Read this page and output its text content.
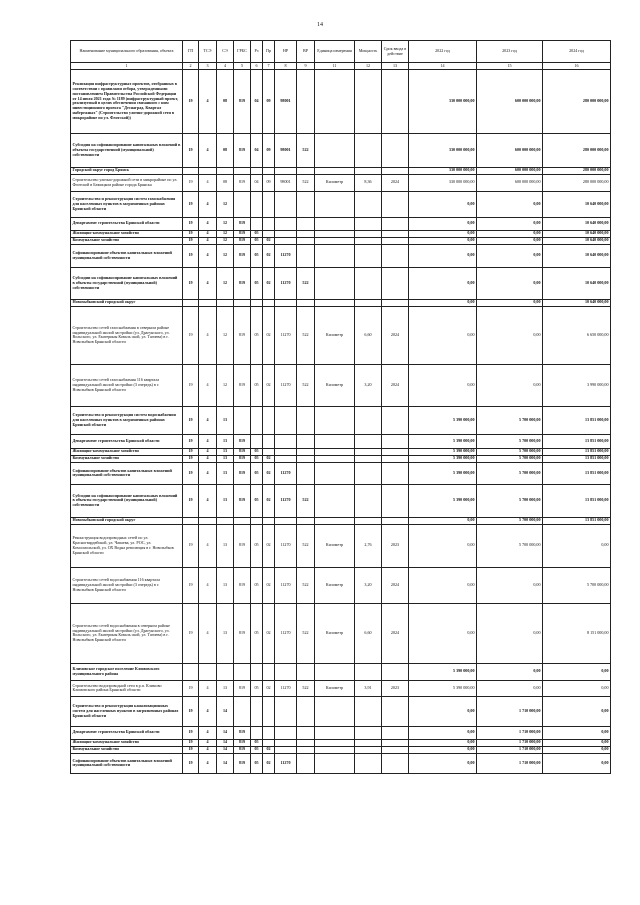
14
Наименование муниципального образования, объекта	ГП	ТСЭ	СЭ	ГРБС	Рз	Пр	НР	ВР	Единица измерения	Мощность	Срок ввода в действие	2022 год	2023 год	2024 год
1	2	3	4	5	6	7	8	9	11	12	13	14	15	16
Реализация инфраструктурных проектов, отобранных в соответствии с правилами отбора, утвержденными постановлением Правительства Российской Федерации от 14 июля 2021 года № 1189 (инфраструктурный проект, реализуемый в целях обеспечения связанного с ним инвестиционного проекта "Деснаград. Квартал набережных" (Строительство улично-дорожной сети в микрорайоне по ул. Флотской))	19	4	08	819	04	09	98001					330 000 000,00	600 000 000,00	280 000 000,00
Субсидия на софинансирование капитальных вложений в объекты государственной (муниципальной) собственности	19	4	08	819	04	09	98001	522				330 000 000,00	600 000 000,00	280 000 000,00
Городской округ город Брянск												330 000 000,00	600 000 000,00	280 000 000,00
Строительство улично-дорожной сети в микрорайоне по ул. Флотской в Бежицком районе города Брянска	19	4	08	819	04	09	98001	522	Километр	8,36	2024	330 000 000,00	600 000 000,00	280 000 000,00
Строительство и реконструкция систем газоснабжения для населенных пунктов в загрязненных районах Брянской области	19	4	12									0,00	0,00	10 640 000,00
Департамент строительства Брянской области	19	4	12	819								0,00	0,00	10 640 000,00
Жилищно-коммунальное хозяйство	19	4	12	819	05							0,00	0,00	10 640 000,00
Коммунальное хозяйство	19	4	12	819	05	02						0,00	0,00	10 640 000,00
Софинансирование объектов капитальных вложений муниципальной собственности	19	4	12	819	05	02	11270					0,00	0,00	10 640 000,00
Субсидии на софинансирование капитальных вложений в объекты государственной (муниципальной) собственности	19	4	12	819	05	02	11270	522				0,00	0,00	10 640 000,00
Новозыбковский городской округ												0,00	0,00	10 640 000,00
Строительство сетей газоснабжения в северном районе индивидуальной жилой застройки (ул. Драгунского, ул. Вольского, ул. Екатерины Коваль ской, ул. Тагиева) в г. Новозыбков Брянской области	19	4	12	819	05	02	11270	522	Километр	6,60	2024	0,00	0,00	6 650 000,00
Строительство сетей газоснабжения 116 квартала индивидуальной жилой застройки (3 очередь) в г. Новозыбков Брянской области	19	4	12	819	05	02	11270	522	Километр	3,20	2024	0,00	0,00	3 990 000,00
Строительство и реконструкция систем водоснабжения для населенных пунктов в загрязненных районах Брянской области	19	4	13									5 390 000,00	5 700 000,00	13 851 000,00
Департамент строительства Брянской области	19	4	13	819								5 390 000,00	5 700 000,00	13 851 000,00
Жилищно-коммунальное хозяйство	19	4	13	819	05							5 390 000,00	5 700 000,00	13 851 000,00
Коммунальное хозяйство	19	4	13	819	05	02						5 390 000,00	5 700 000,00	13 851 000,00
Софинансирование объектов капитальных вложений муниципальной собственности	19	4	13	819	05	02	11270					5 390 000,00	5 700 000,00	13 851 000,00
Субсидии на софинансирование капитальных вложений в объекты государственной (муниципальной) собственности	19	4	13	819	05	02	11270	522				5 390 000,00	5 700 000,00	13 851 000,00
Новозыбковский городской округ												0,00	5 700 000,00	13 851 000,00
Реконструкция водопроводных сетей по ул. Красногвардейской, ул. Чапаева, ул. РОС, ул. Комсомольской, ул. ОХ Водна революция в г. Новозыбков Брянской области	19	4	13	819	05	02	11270	522	Километр	2,76	2023	0,00	5 700 000,00	0,00
Строительство сетей водоснабжения 116 квартала индивидуальной жилой застройки (3 очередь) в г. Новозыбков Брянской области	19	4	13	819	05	02	11270	522	Километр	3,20	2024	0,00	0,00	5 700 000,00
Строительство сетей водоснабжения в северном районе индивидуальной жилой застройки (ул. Драгунского, ул. Вольского, ул. Екатерины Коваль ской, ул. Тагиева) в г. Новозыбков Брянской области	19	4	13	819	05	02	11270	522	Километр	6,60	2024	0,00	0,00	8 151 000,00
Климовское городское поселение Климовского муниципального района												5 390 000,00	0,00	0,00
Строительство водопроводной сети в р.п. Климово Климовского района Брянской области	19	4	13	819	05	02	11270	522	Километр	3,91	2023	5 390 000,00	0,00	0,00
Строительство и реконструкция канализационных систем для населенных пунктов в загрязненных районах Брянской области	19	4	14									0,00	1 710 000,00	0,00
Департамент строительства Брянской области	19	4	14	819								0,00	1 710 000,00	0,00
Жилищно-коммунальное хозяйство	19	4	14	819	05							0,00	1 710 000,00	0,00
Коммунальное хозяйство	19	4	14	819	05	02						0,00	1 710 000,00	0,00
Софинансирование объектов капитальных вложений муниципальной собственности	19	4	14	819	05	02	11270					0,00	1 710 000,00	0,00
